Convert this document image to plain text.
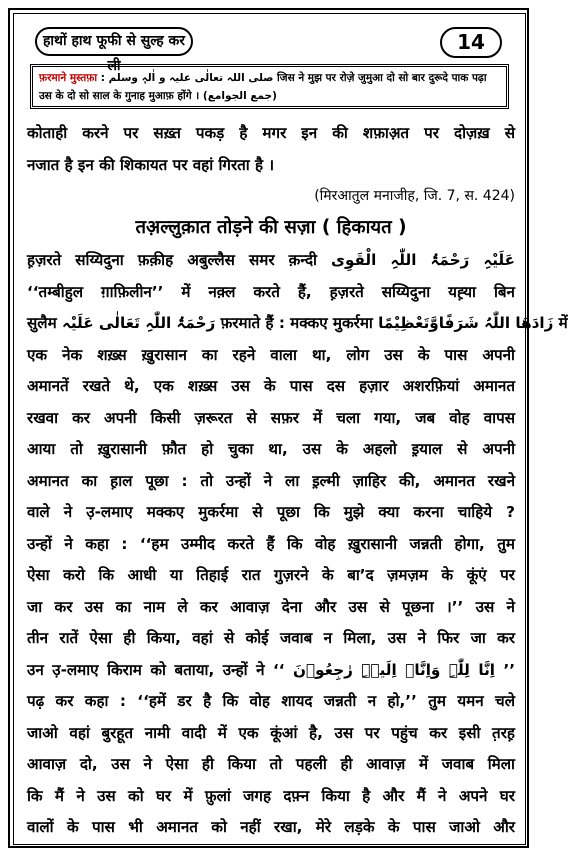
हाथों हाथ फूफी से सुल्ह कर ली
14
फ़रमाने मुस्तफ़ा : صلی اللہ تعالٰی علیہ و اٰلہٖ وسلم जिस ने मुझ पर रोज़े जुमुआ दो सो बार दुरूदे पाक पढ़ा उस के दो सो साल के गुनाह मुआफ़ होंगे । (جمع الجوامع)
कोताही करने पर सख़्त पकड़ है मगर इन की शफ़ाअ़त पर दोज़ख़ से
नजात है इन की शिकायत पर वहां गिरता है ।
(मिरआतुल मनाजीह, जि. 7, स. 424)
तअ़ल्लुक़ात तोड़ने की सज़ा ( हिकायत )
ह़ज़रते सय्यिदुना फ़क़ीह अबुल्लैस समर क़न्दी عَلَیْہِ رَحْمَۃُ اللّٰہِ الْقَوِی
‘‘तम्बीहुल ग़ाफ़िलीन’’ में नक़्ल करते हैं, ह़ज़रते सय्यिदुना यह़्या बिन
सुलैम رَحْمَۃُ اللّٰہِ تَعَالٰی عَلَیْہ फ़रमाते हैं : मक्कए मुकर्रमा زَادَھَا اللّٰہُ شَرَفًاوَّتَعْظِیْمًا में
एक नेक शख़्स ख़ुरासान का रहने वाला था, लोग उस के पास अपनी
अमानतें रखते थे, एक शख़्स उस के पास दस हज़ार अशरफ़ियां अमानत
रखवा कर अपनी किसी ज़रूरत से सफ़र में चला गया, जब वोह वापस
आया तो ख़ुरासानी फ़ौत हो चुका था, उस के अहलो इ़याल से अपनी
अमानत का ह़ाल पूछा : तो उन्हों ने ला इ़ल्मी ज़ाहिर की, अमानत रखने
वाले ने उ़-लमाए मक्कए मुकर्रमा से पूछा कि मुझे क्या करना चाहिये ?
उन्हों ने कहा : ‘‘हम उम्मीद करते हैं कि वोह ख़ुरासानी जन्नती होगा, तुम
ऐसा करो कि आधी या तिहाई रात गुज़रने के बा’द ज़मज़म के कूंएं पर
जा कर उस का नाम ले कर आवाज़ देना और उस से पूछना ।’’ उस ने
तीन रातें ऐसा ही किया, वहां से कोई जवाब न मिला, उस ने फिर जा कर
उन उ़-लमाए किराम को बताया, उन्हों ने ‘‘ اِنَّا لِلّٰہِ وَاِنَّاۤ اِلَیۡہِ رٰجِعُوۡنَ ’’
पढ़ कर कहा : ‘‘हमें डर है कि वोह शायद जन्नती न हो,’’ तुम यमन चले
जाओ वहां बुरहूत नामी वादी में एक कूंआं है, उस पर पहुंच कर इसी त़रह़
आवाज़ दो, उस ने ऐसा ही किया तो पहली ही आवाज़ में जवाब मिला
कि मैं ने उस को घर में फ़ुलां जगह दफ़्न किया है और मैं ने अपने घर
वालों के पास भी अमानत को नहीं रखा, मेरे लड़के के पास जाओ और
